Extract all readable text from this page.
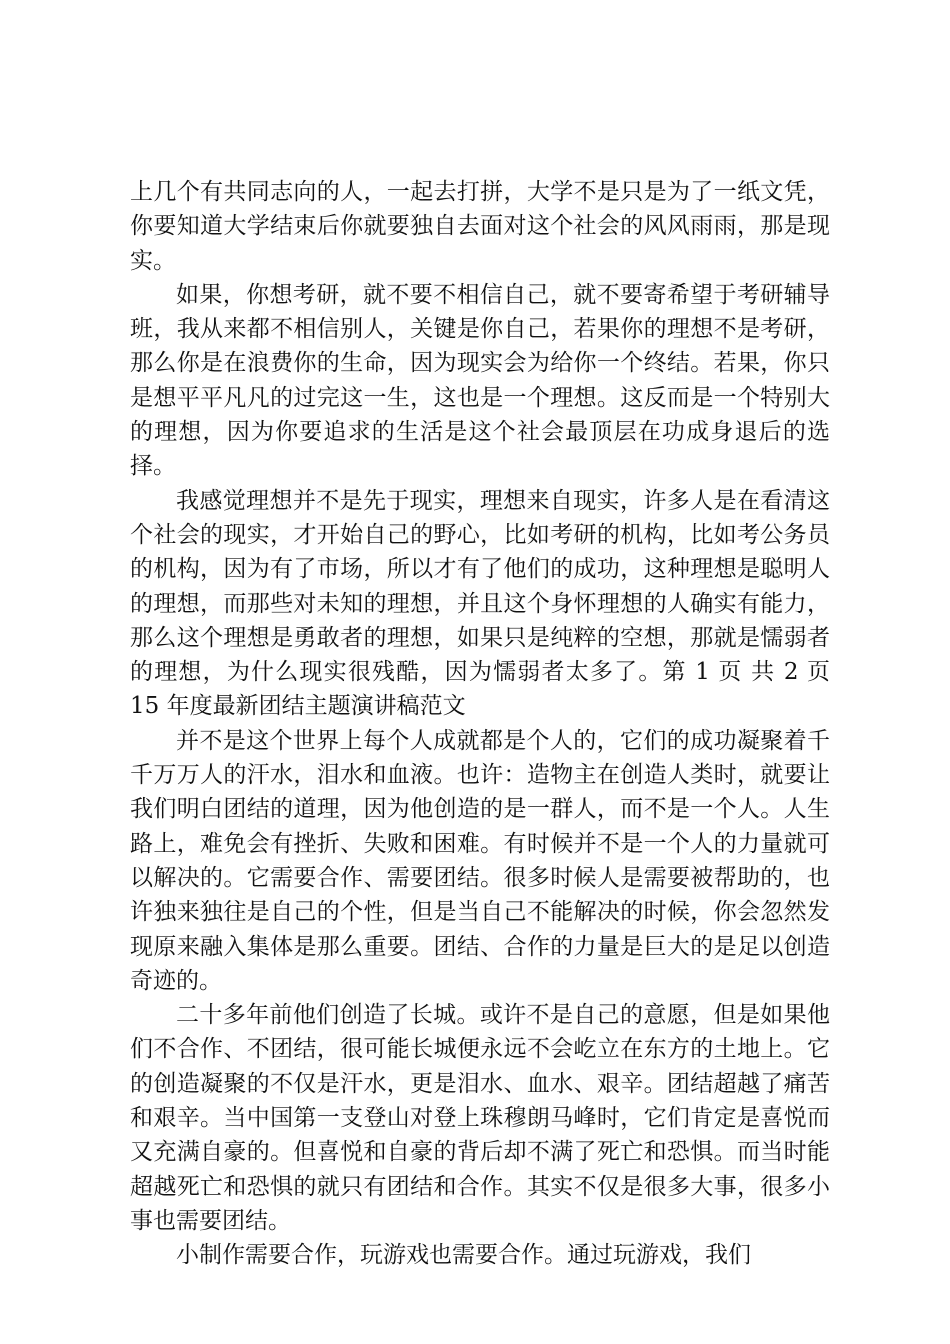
上几个有共同志向的人，一起去打拼，大学不是只是为了一纸文凭，你要知道大学结束后你就要独自去面对这个社会的风风雨雨，那是现实。

如果，你想考研，就不要不相信自己，就不要寄希望于考研辅导班，我从来都不相信别人，关键是你自己，若果你的理想不是考研，那么你是在浪费你的生命，因为现实会为给你一个终结。若果，你只是想平平凡凡的过完这一生，这也是一个理想。这反而是一个特别大的理想，因为你要追求的生活是这个社会最顶层在功成身退后的选择。

我感觉理想并不是先于现实，理想来自现实，许多人是在看清这个社会的现实，才开始自己的野心，比如考研的机构，比如考公务员的机构，因为有了市场，所以才有了他们的成功，这种理想是聪明人的理想，而那些对未知的理想，并且这个身怀理想的人确实有能力，那么这个理想是勇敢者的理想，如果只是纯粹的空想，那就是懦弱者的理想，为什么现实很残酷，因为懦弱者太多了。第 1 页 共 2 页 15 年度最新团结主题演讲稿范文

并不是这个世界上每个人成就都是个人的，它们的成功凝聚着千千万万人的汗水，泪水和血液。也许：造物主在创造人类时，就要让我们明白团结的道理，因为他创造的是一群人，而不是一个人。人生路上，难免会有挫折、失败和困难。有时候并不是一个人的力量就可以解决的。它需要合作、需要团结。很多时候人是需要被帮助的，也许独来独往是自己的个性，但是当自己不能解决的时候，你会忽然发现原来融入集体是那么重要。团结、合作的力量是巨大的是足以创造奇迹的。

二十多年前他们创造了长城。或许不是自己的意愿，但是如果他们不合作、不团结，很可能长城便永远不会屹立在东方的土地上。它的创造凝聚的不仅是汗水，更是泪水、血水、艰辛。团结超越了痛苦和艰辛。当中国第一支登山对登上珠穆朗马峰时，它们肯定是喜悦而又充满自豪的。但喜悦和自豪的背后却不满了死亡和恐惧。而当时能超越死亡和恐惧的就只有团结和合作。其实不仅是很多大事，很多小事也需要团结。

小制作需要合作，玩游戏也需要合作。通过玩游戏，我们
